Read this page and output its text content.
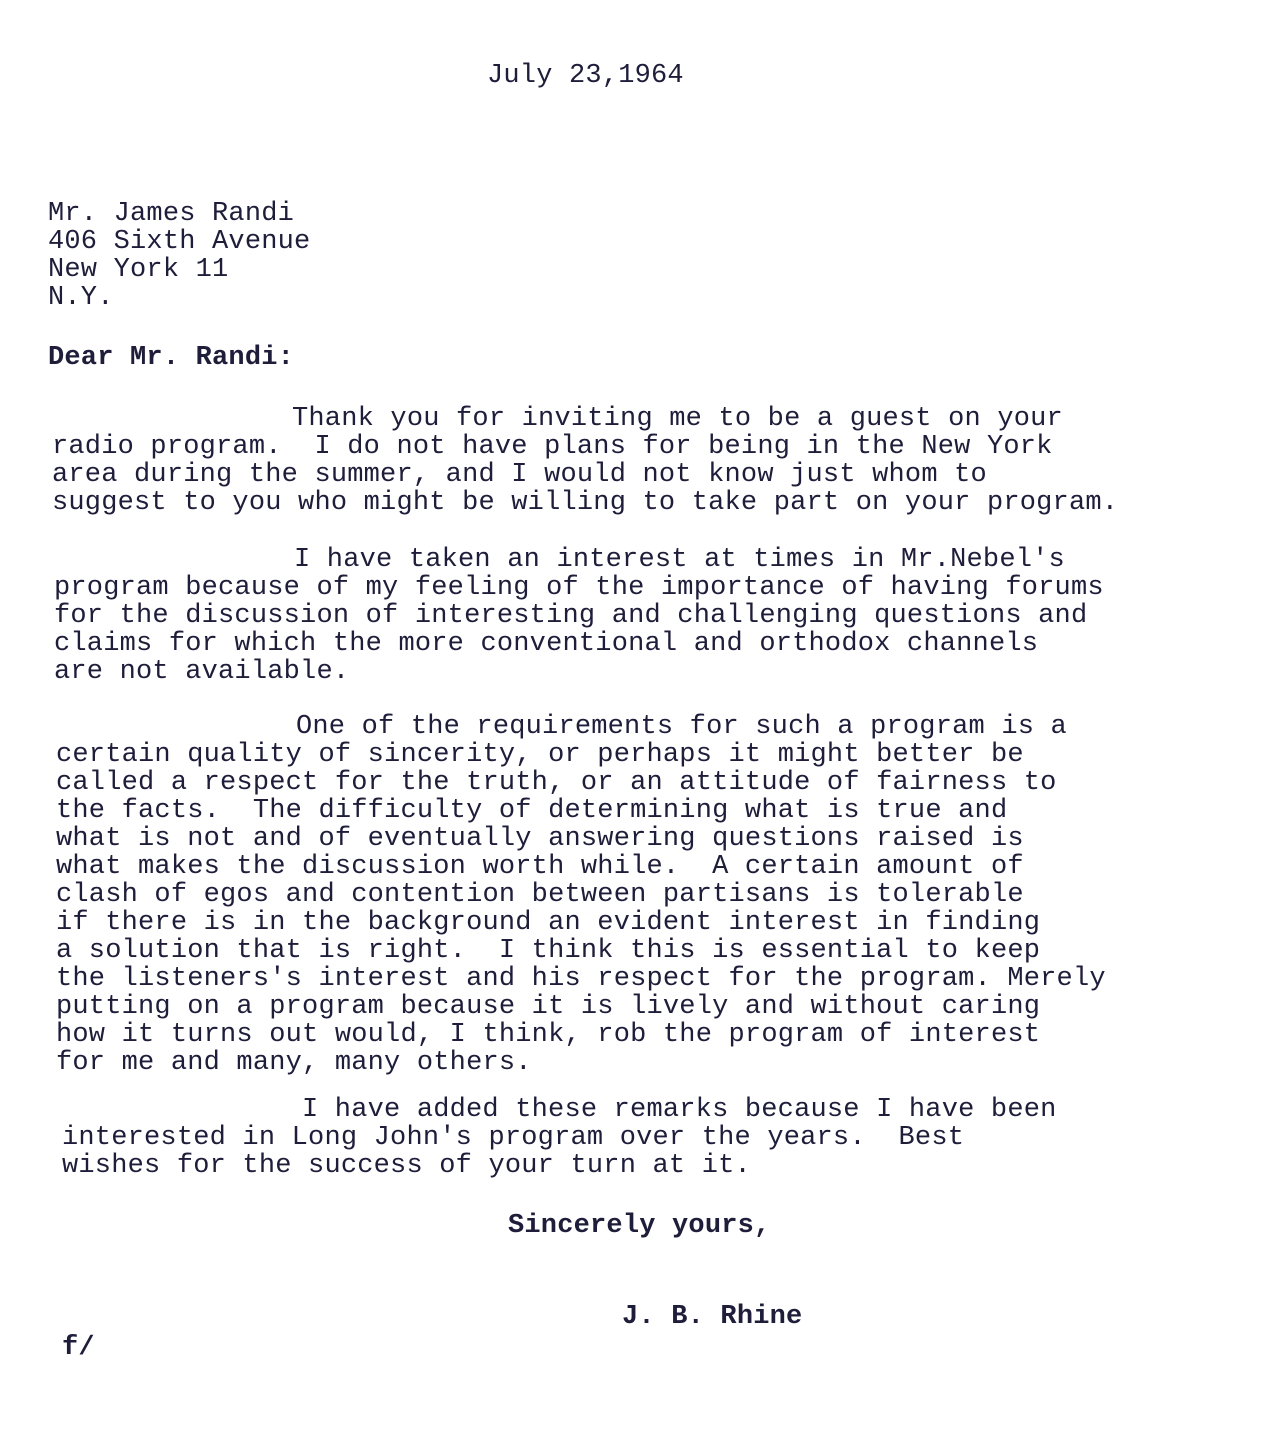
July 23,1964
Mr. James Randi
406 Sixth Avenue
New York 11
N.Y.
Dear Mr. Randi:
Thank you for inviting me to be a guest on your
radio program.  I do not have plans for being in the New York
area during the summer, and I would not know just whom to
suggest to you who might be willing to take part on your program.
I have taken an interest at times in Mr.Nebel's
program because of my feeling of the importance of having forums
for the discussion of interesting and challenging questions and
claims for which the more conventional and orthodox channels
are not available.
One of the requirements for such a program is a
certain quality of sincerity, or perhaps it might better be
called a respect for the truth, or an attitude of fairness to
the facts.  The difficulty of determining what is true and
what is not and of eventually answering questions raised is
what makes the discussion worth while.  A certain amount of
clash of egos and contention between partisans is tolerable
if there is in the background an evident interest in finding
a solution that is right.  I think this is essential to keep
the listeners's interest and his respect for the program. Merely
putting on a program because it is lively and without caring
how it turns out would, I think, rob the program of interest
for me and many, many others.
I have added these remarks because I have been
interested in Long John's program over the years.  Best
wishes for the success of your turn at it.
Sincerely yours,
J. B. Rhine
f/
